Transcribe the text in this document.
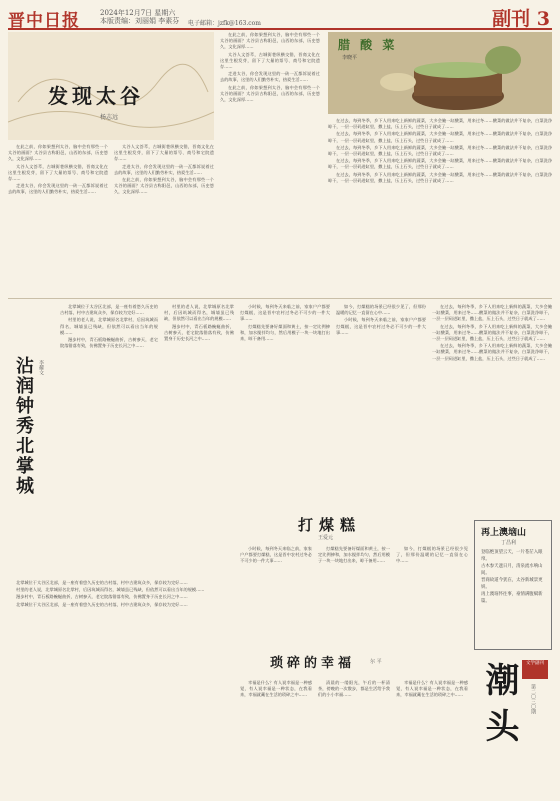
晋中日报	2024年12月7日 星期六
本版责编：刘丽娟 李素芬 电子邮箱：jzfk@163.com	副刊 3
发现太谷
杨志远

在此之前，你如果想到太谷，脑中会有那些一个太谷的画面？太谷县古称阳邑，山西的东部，历史悠久，文化深厚……

太谷人文荟萃，古城街巷纵横交错，晋商文化在这里生根发芽，留下了大量的票号、商号和宅院遗存……

走进太谷，你会发现这里的一砖一瓦都诉说着过去的故事，这里的人们勤劳朴实，热爱生活……

太谷人文荟萃，古城街巷纵横交错，晋商文化在这里生根发芽，留下了大量的票号、商号和宅院遗存……

走进太谷，你会发现这里的一砖一瓦都诉说着过去的故事，这里的人们勤劳朴实，热爱生活……

在此之前，你如果想到太谷，脑中会有那些一个太谷的画面？太谷县古称阳邑，山西的东部，历史悠久，文化深厚……

在此之前，你如果想到太谷，脑中会有那些一个太谷的画面？太谷县古称阳邑，山西的东部，历史悠久，文化深厚……

太谷人文荟萃，古城街巷纵横交错，晋商文化在这里生根发芽，留下了大量的票号、商号和宅院遗存……

走进太谷，你会发现这里的一砖一瓦都诉说着过去的故事，这里的人们勤劳朴实，热爱生活……

在此之前，你如果想到太谷，脑中会有那些一个太谷的画面？太谷县古称阳邑，山西的东部，历史悠久，文化深厚……

腊 酸 菜
李晓平

在过去，每到冬季，乡下人用来吃上新鲜的蔬菜，大多会腌一缸酸菜，用来过冬……酸菜的做法并不复杂，白菜洗净晾干，一层一层码进缸里，撒上盐，压上石头，过些日子就成了……

在过去，每到冬季，乡下人用来吃上新鲜的蔬菜，大多会腌一缸酸菜，用来过冬……酸菜的做法并不复杂，白菜洗净晾干，一层一层码进缸里，撒上盐，压上石头，过些日子就成了……

在过去，每到冬季，乡下人用来吃上新鲜的蔬菜，大多会腌一缸酸菜，用来过冬……酸菜的做法并不复杂，白菜洗净晾干，一层一层码进缸里，撒上盐，压上石头，过些日子就成了……

在过去，每到冬季，乡下人用来吃上新鲜的蔬菜，大多会腌一缸酸菜，用来过冬……酸菜的做法并不复杂，白菜洗净晾干，一层一层码进缸里，撒上盐，压上石头，过些日子就成了……

在过去，每到冬季，乡下人用来吃上新鲜的蔬菜，大多会腌一缸酸菜，用来过冬……酸菜的做法并不复杂，白菜洗净晾干，一层一层码进缸里，撒上盐，压上石头，过些日子就成了……

沾润钟秀北掌城 李耀文

北掌城位于太谷区北部，是一座有着悠久历史的古村落，村中古建筑众多，保存较为完好……

村里的老人说，北掌城原名北掌村，后因筑城而得名，城墙虽已残缺，但依然可以看出当年的规模……

漫步村中，青石板路蜿蜒曲折，古树参天，老宅院落错落有致，仿佛置身于历史长河之中……

村里的老人说，北掌城原名北掌村，后因筑城而得名，城墙虽已残缺，但依然可以看出当年的规模……

漫步村中，青石板路蜿蜒曲折，古树参天，老宅院落错落有致，仿佛置身于历史长河之中……

北掌城位于太谷区北部，是一座有着悠久历史的古村落，村中古建筑众多，保存较为完好……

村里的老人说，北掌城原名北掌村，后因筑城而得名，城墙虽已残缺，但依然可以看出当年的规模……

漫步村中，青石板路蜿蜒曲折，古树参天，老宅院落错落有致，仿佛置身于历史长河之中……

北掌城位于太谷区北部，是一座有着悠久历史的古村落，村中古建筑众多，保存较为完好……

打煤糕
王爱元

小时候，每到冬天来临之前，家家户户都要打煤糕，这是晋中农村过冬必不可少的一件大事……

打煤糕先要备好煤面和黄土，按一定比例掺和，加水搅拌均匀，然后用模子一块一块地打出来，晾干备用……

如今，打煤糕的场景已经很少见了，但那份温暖的记忆一直留在心中……

小时候，每到冬天来临之前，家家户户都要打煤糕，这是晋中农村过冬必不可少的一件大事……

小时候，每到冬天来临之前，家家户户都要打煤糕，这是晋中农村过冬必不可少的一件大事……

打煤糕先要备好煤面和黄土，按一定比例掺和，加水搅拌均匀，然后用模子一块一块地打出来，晾干备用……

如今，打煤糕的场景已经很少见了，但那份温暖的记忆一直留在心中……

琐碎的幸福	尔 平

幸福是什么？有人说幸福是一种感觉，有人说幸福是一种状态，在我看来，幸福就藏在生活的琐碎之中……

清晨的一缕阳光，午后的一杯清茶，傍晚的一次散步，都是生活给予我们的小小幸福……

幸福是什么？有人说幸福是一种感觉，有人说幸福是一种状态，在我看来，幸福就藏在生活的琐碎之中……

在过去，每到冬季，乡下人用来吃上新鲜的蔬菜，大多会腌一缸酸菜，用来过冬……酸菜的做法并不复杂，白菜洗净晾干，一层一层码进缸里，撒上盐，压上石头，过些日子就成了……

在过去，每到冬季，乡下人用来吃上新鲜的蔬菜，大多会腌一缸酸菜，用来过冬……酸菜的做法并不复杂，白菜洗净晾干，一层一层码进缸里，撒上盐，压上石头，过些日子就成了……

在过去，每到冬季，乡下人用来吃上新鲜的蔬菜，大多会腌一缸酸菜，用来过冬……酸菜的做法并不复杂，白菜洗净晾干，一层一层码进缸里，撒上盐，压上石头，过些日子就成了……

再上澳垴山
丁昌利
登临绝顶望云天，一片苍茫入眼帘。
古木参天遮日月，清泉流水响山间。
晋商故道今犹在，太谷新城景更妍。
再上澳垴怀往事，豪情满腹赋新篇。
潮 头	文学副刊
第二〇三〇期
